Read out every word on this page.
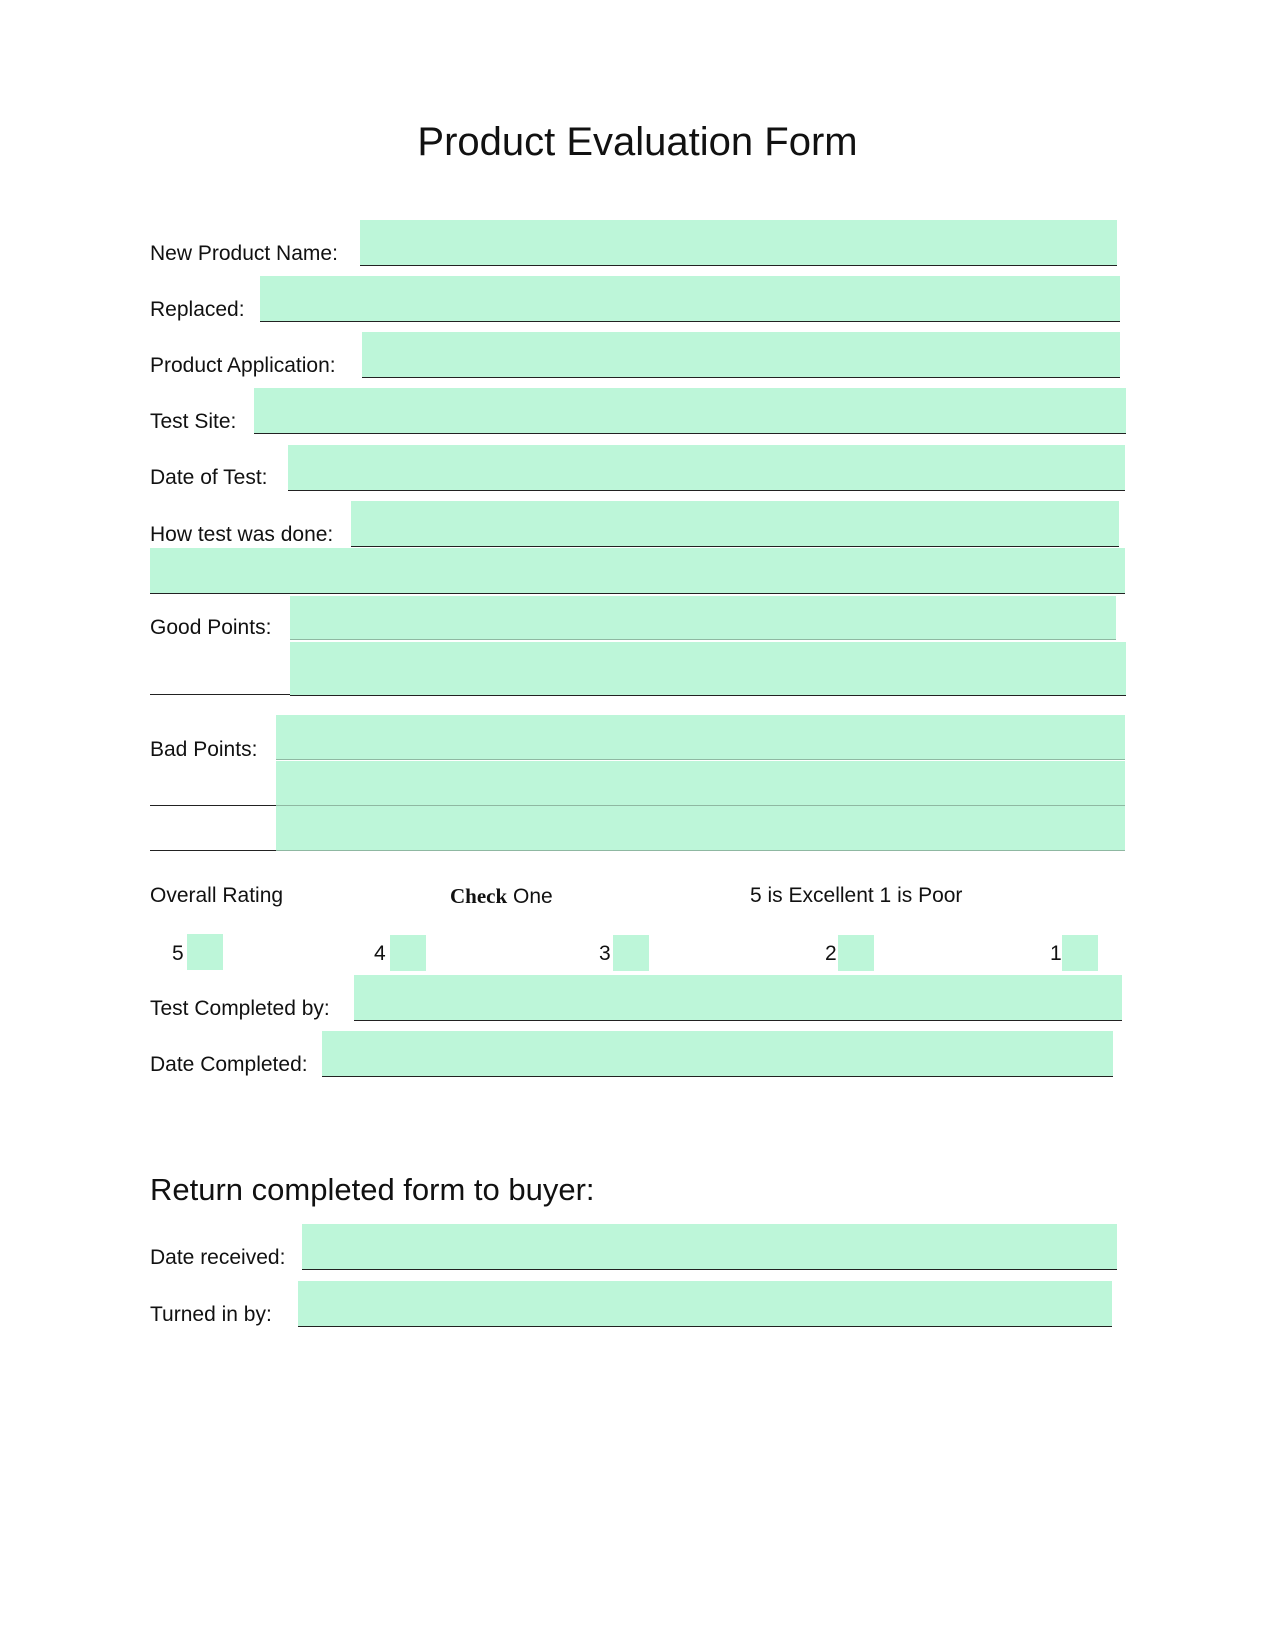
Product Evaluation Form
New Product Name:
Replaced:
Product Application:
Test Site:
Date of Test:
How test was done:
Good Points:
Bad Points:
Overall Rating	Check One	5 is Excellent 1 is Poor
5	4	3	2	1
Test Completed by:
Date Completed:
Return completed form to buyer:
Date received:
Turned in by:
